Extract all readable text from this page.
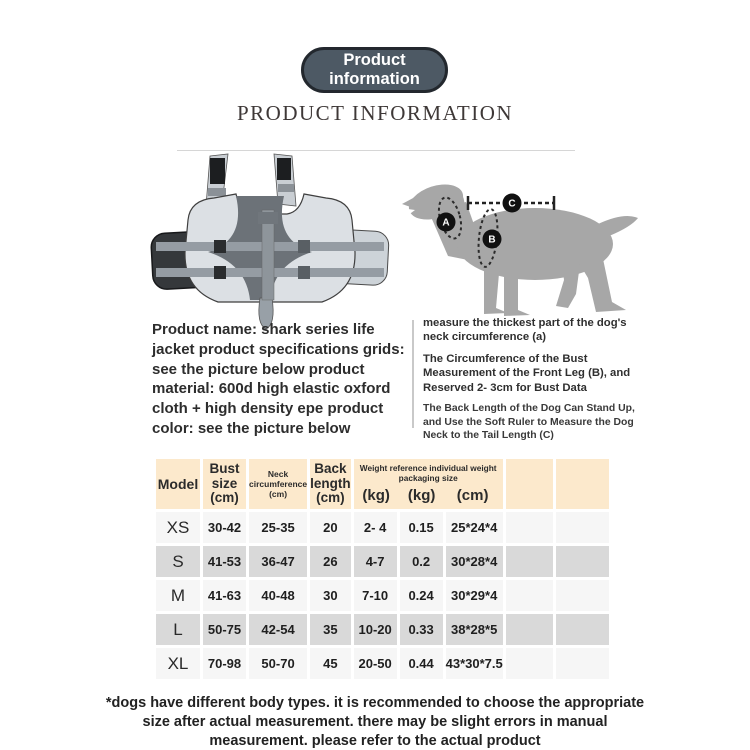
Product information
PRODUCT INFORMATION
A
B
C
Product name: shark series life jacket product specifications grids: see the picture below product material: 600d high elastic oxford cloth + high density epe product color: see the picture below

measure the thickest part of the dog's neck circumference (a)

The Circumference of the Bust Measurement of the Front Leg (B), and Reserved 2- 3cm for Bust Data

The Back Length of the Dog Can Stand Up, and Use the Soft Ruler to Measure the Dog Neck to the Tail Length (C)

Model	Bust size (cm)	Neck circumference (cm)	Back length (cm)	Weight reference individual weight packaging size
(kg) (kg) (cm)				

XS	30-42	25-35	20	2- 4	0.15	25*24*4		
S	41-53	36-47	26	4-7	0.2	30*28*4		
M	41-63	40-48	30	7-10	0.24	30*29*4		
L	50-75	42-54	35	10-20	0.33	38*28*5		
XL	70-98	50-70	45	20-50	0.44	43*30*7.5		
*dogs have different body types. it is recommended to choose the appropriate size after actual measurement. there may be slight errors in manual measurement. please refer to the actual product
